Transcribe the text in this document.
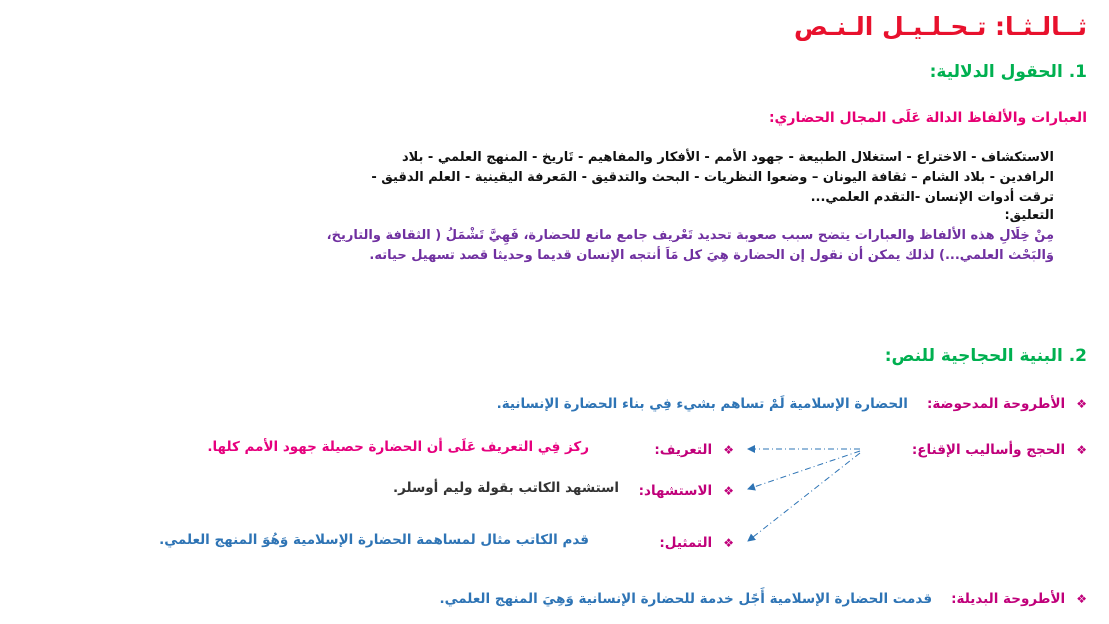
ثــالـثـا: تـحـلـيـل الـنـص
1. الحقول الدلالية:
العبارات والألفاظ الدالة عَلَى المجال الحضاري:
الاستكشاف - الاختراع - استغلال الطبيعة - جهود الأمم - الأفكار والمفاهيم - تَاريخ - المنهج العلمي - بلاد
الرافدين - بلاد الشام – ثقافة اليونان – وضعوا النظريات - البحث والتدقيق - المَعرفة اليقينية - العلم الدقيق -
ترقت أدوات الإنسان -التقدم العلمي...
التعليق:
مِنْ خِلَالِ هذه الألفاظ والعبارات يتضح سبب صعوبة تحديد تَعْريف جامع مانع للحضارة، فَهِيَّ تَشْمَلُ ( الثقافة والتاريخ،
وَالبَحْث العلمي...) لذلك يمكن أن نقول إن الحضارة هِيَ كل مَاَ أنتجه الإنسان قديما وحديثا قصد تسهيل حياته.
2. البنية الحجاجية للنص:
❖ الأطروحة المدحوضة: الحضارة الإسلامية لَمْ تساهم بشيء فِي بناء الحضارة الإنسانية.
❖ الحجج وأساليب الإقناع:
❖ التعريف:
ركز فِي التعريف عَلَى أن الحضارة حصيلة جهود الأمم كلها.
❖ الاستشهاد:
استشهد الكاتب بقولة وليم أوسلر.
❖ التمثيل:
قدم الكاتب مثال لمساهمة الحضارة الإسلامية وَهُوَ المنهج العلمي.
❖ الأطروحة البديلة: قدمت الحضارة الإسلامية أَجًل خدمة للحضارة الإنسانية وَهِيَ المنهج العلمي.
